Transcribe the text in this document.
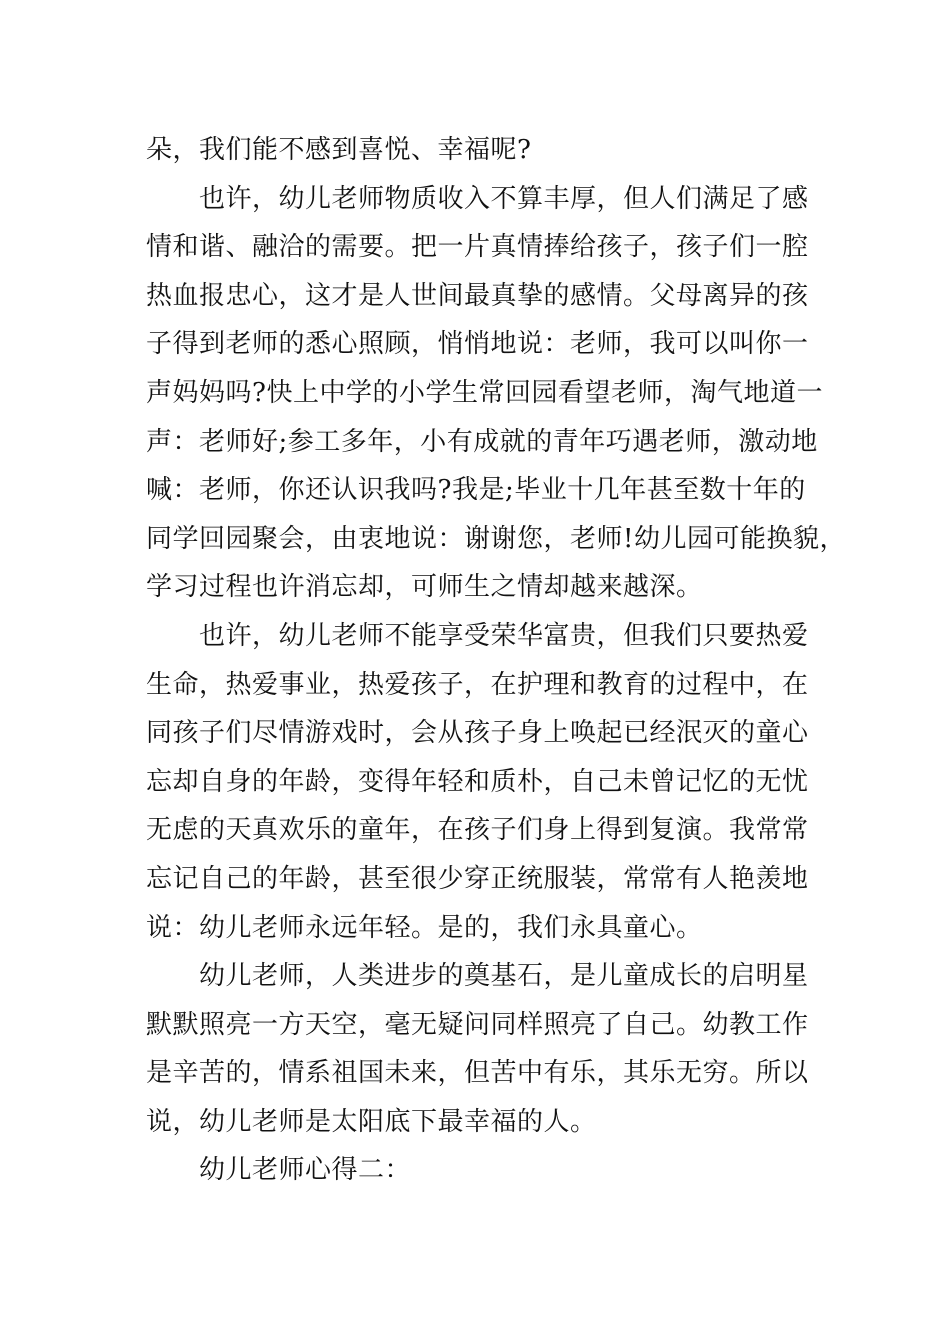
朵，我们能不感到喜悦、幸福呢?
　　也许，幼儿老师物质收入不算丰厚，但人们满足了感
情和谐、融洽的需要。把一片真情捧给孩子，孩子们一腔
热血报忠心，这才是人世间最真挚的感情。父母离异的孩
子得到老师的悉心照顾，悄悄地说：老师，我可以叫你一
声妈妈吗?快上中学的小学生常回园看望老师，淘气地道一
声：老师好;参工多年，小有成就的青年巧遇老师，激动地
喊：老师，你还认识我吗?我是;毕业十几年甚至数十年的
同学回园聚会，由衷地说：谢谢您，老师!幼儿园可能换貌，
学习过程也许消忘却，可师生之情却越来越深。
　　也许，幼儿老师不能享受荣华富贵，但我们只要热爱
生命，热爱事业，热爱孩子，在护理和教育的过程中，在
同孩子们尽情游戏时，会从孩子身上唤起已经泯灭的童心
忘却自身的年龄，变得年轻和质朴，自己未曾记忆的无忧
无虑的天真欢乐的童年，在孩子们身上得到复演。我常常
忘记自己的年龄，甚至很少穿正统服装，常常有人艳羡地
说：幼儿老师永远年轻。是的，我们永具童心。
　　幼儿老师，人类进步的奠基石，是儿童成长的启明星
默默照亮一方天空，毫无疑问同样照亮了自己。幼教工作
是辛苦的，情系祖国未来，但苦中有乐，其乐无穷。所以
说，幼儿老师是太阳底下最幸福的人。
　　幼儿老师心得二：
